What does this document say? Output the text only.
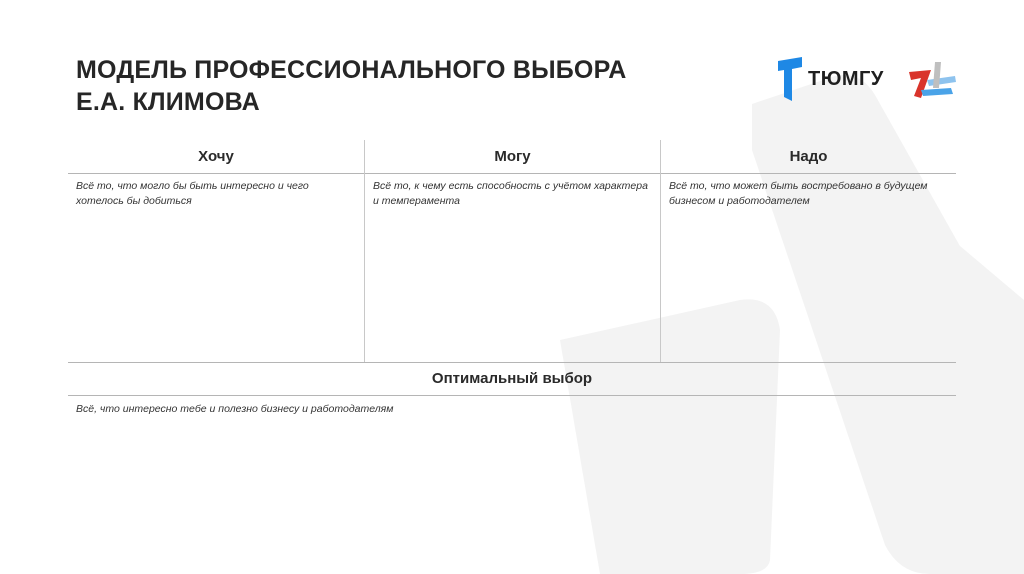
МОДЕЛЬ ПРОФЕССИОНАЛЬНОГО ВЫБОРА
Е.А. КЛИМОВА
ТЮМГУ
Хочу
Всё то, что могло бы быть интересно и чего хотелось бы добиться
Могу
Всё то, к чему есть способность с учётом характера и темперамента
Надо
Всё то, что может быть востребовано в будущем бизнесом и работодателем
Оптимальный выбор
Всё, что интересно тебе и полезно бизнесу и работодателям
